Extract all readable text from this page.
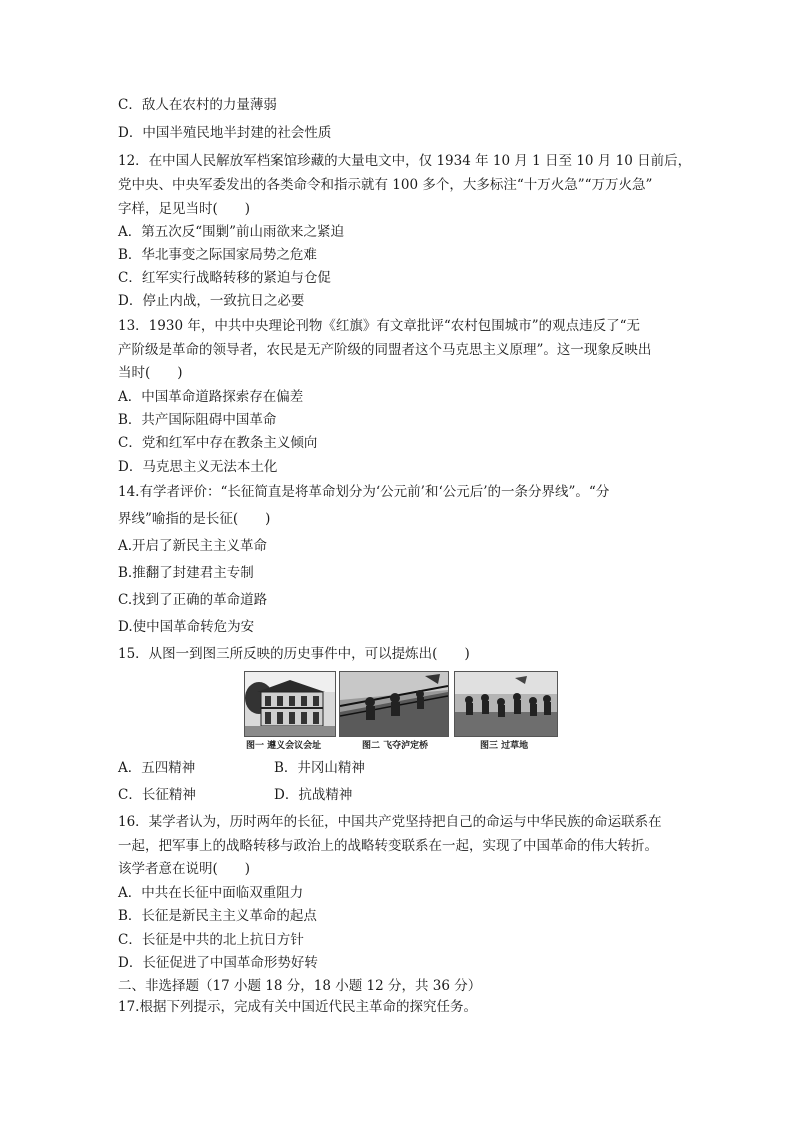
C．敌人在农村的力量薄弱
D．中国半殖民地半封建的社会性质
12．在中国人民解放军档案馆珍藏的大量电文中，仅 1934 年 10 月 1 日至 10 月 10 日前后，
党中央、中央军委发出的各类命令和指示就有 100 多个，大多标注“十万火急”“万万火急”
字样，足见当时(　　)
A．第五次反“围剿”前山雨欲来之紧迫
B．华北事变之际国家局势之危难
C．红军实行战略转移的紧迫与仓促
D．停止内战，一致抗日之必要
13．1930 年，中共中央理论刊物《红旗》有文章批评“农村包围城市”的观点违反了“无
产阶级是革命的领导者，农民是无产阶级的同盟者这个马克思主义原理”。这一现象反映出
当时(　　)
A．中国革命道路探索存在偏差
B．共产国际阻碍中国革命
C．党和红军中存在教条主义倾向
D．马克思主义无法本土化
14.有学者评价：“长征简直是将革命划分为‘公元前’和‘公元后’的一条分界线”。“分
界线”喻指的是长征(　　)
A.开启了新民主主义革命
B.推翻了封建君主专制
C.找到了正确的革命道路
D.使中国革命转危为安
15．从图一到图三所反映的历史事件中，可以提炼出(　　)
图一 遵义会议会址	图二 飞夺泸定桥	图三 过草地
A．五四精神	B．井冈山精神
C．长征精神	D．抗战精神
16．某学者认为，历时两年的长征，中国共产党坚持把自己的命运与中华民族的命运联系在
一起，把军事上的战略转移与政治上的战略转变联系在一起，实现了中国革命的伟大转折。
该学者意在说明(　　)
A．中共在长征中面临双重阻力
B．长征是新民主主义革命的起点
C．长征是中共的北上抗日方针
D．长征促进了中国革命形势好转
二、非选择题（17 小题 18 分，18 小题 12 分，共 36 分）
17.根据下列提示，完成有关中国近代民主革命的探究任务。
